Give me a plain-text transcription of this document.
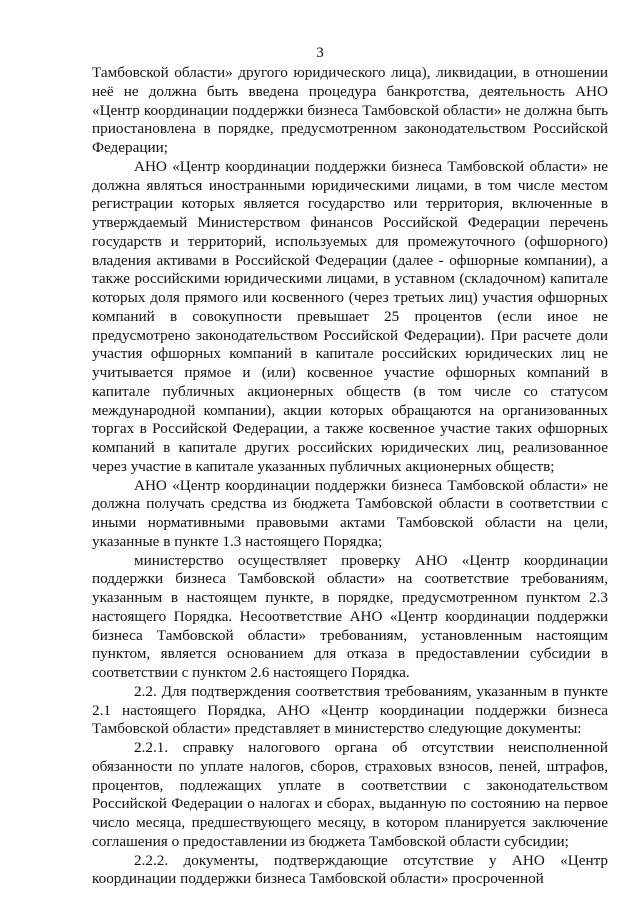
3

Тамбовской области» другого юридического лица), ликвидации, в отношении неё не должна быть введена процедура банкротства, деятельность АНО «Центр координации поддержки бизнеса Тамбовской области» не должна быть приостановлена в порядке, предусмотренном законодательством Российской Федерации;

АНО «Центр координации поддержки бизнеса Тамбовской области» не должна являться иностранными юридическими лицами, в том числе местом регистрации которых является государство или территория, включенные в утверждаемый Министерством финансов Российской Федерации перечень государств и территорий, используемых для промежуточного (офшорного) владения активами в Российской Федерации (далее - офшорные компании), а также российскими юридическими лицами, в уставном (складочном) капитале которых доля прямого или косвенного (через третьих лиц) участия офшорных компаний в совокупности превышает 25 процентов (если иное не предусмотрено законодательством Российской Федерации). При расчете доли участия офшорных компаний в капитале российских юридических лиц не учитывается прямое и (или) косвенное участие офшорных компаний в капитале публичных акционерных обществ (в том числе со статусом международной компании), акции которых обращаются на организованных торгах в Российской Федерации, а также косвенное участие таких офшорных компаний в капитале других российских юридических лиц, реализованное через участие в капитале указанных публичных акционерных обществ;

АНО «Центр координации поддержки бизнеса Тамбовской области» не должна получать средства из бюджета Тамбовской области в соответствии с иными нормативными правовыми актами Тамбовской области на цели, указанные в пункте 1.3 настоящего Порядка;

министерство осуществляет проверку АНО «Центр координации поддержки бизнеса Тамбовской области» на соответствие требованиям, указанным в настоящем пункте, в порядке, предусмотренном пунктом 2.3 настоящего Порядка. Несоответствие АНО «Центр координации поддержки бизнеса Тамбовской области» требованиям, установленным настоящим пунктом, является основанием для отказа в предоставлении субсидии в соответствии с пунктом 2.6 настоящего Порядка.

2.2. Для подтверждения соответствия требованиям, указанным в пункте 2.1 настоящего Порядка, АНО «Центр координации поддержки бизнеса Тамбовской области» представляет в министерство следующие документы:

2.2.1. справку налогового органа об отсутствии неисполненной обязанности по уплате налогов, сборов, страховых взносов, пеней, штрафов, процентов, подлежащих уплате в соответствии с законодательством Российской Федерации о налогах и сборах, выданную по состоянию на первое число месяца, предшествующего месяцу, в котором планируется заключение соглашения о предоставлении из бюджета Тамбовской области субсидии;

2.2.2. документы, подтверждающие отсутствие у АНО «Центр координации поддержки бизнеса Тамбовской области» просроченной
